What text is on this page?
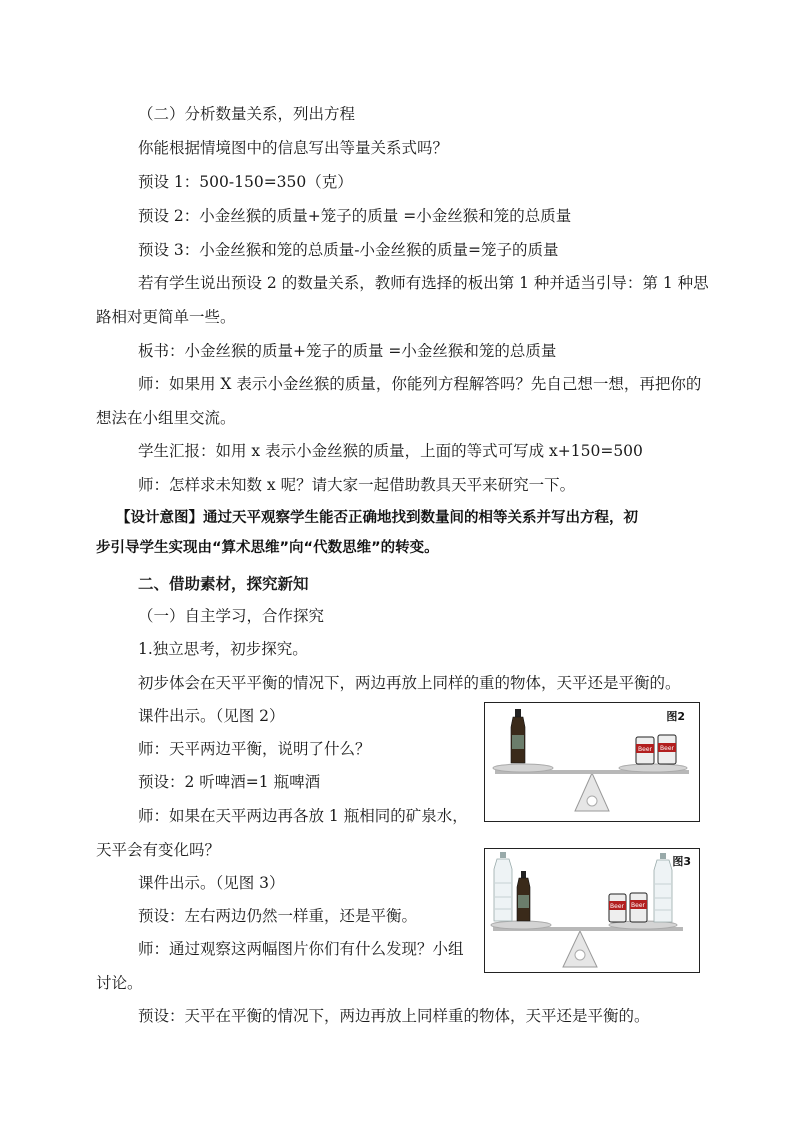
（二）分析数量关系，列出方程
你能根据情境图中的信息写出等量关系式吗？
预设 1：500-150=350（克）
预设 2：小金丝猴的质量+笼子的质量 =小金丝猴和笼的总质量
预设 3：小金丝猴和笼的总质量-小金丝猴的质量=笼子的质量
若有学生说出预设 2 的数量关系，教师有选择的板出第 1 种并适当引导：第 1 种思
路相对更简单一些。
板书：小金丝猴的质量+笼子的质量 =小金丝猴和笼的总质量
师：如果用 X 表示小金丝猴的质量，你能列方程解答吗？先自己想一想，再把你的
想法在小组里交流。
学生汇报：如用 x 表示小金丝猴的质量，上面的等式可写成 x+150=500
师：怎样求未知数 x 呢？请大家一起借助教具天平来研究一下。
【设计意图】通过天平观察学生能否正确地找到数量间的相等关系并写出方程，初
步引导学生实现由“算术思维”向“代数思维”的转变。
二、借助素材，探究新知
（一）自主学习，合作探究
1.独立思考，初步探究。
初步体会在天平平衡的情况下，两边再放上同样的重的物体，天平还是平衡的。
课件出示。（见图 2）
师：天平两边平衡，说明了什么？
预设：2 听啤酒=1 瓶啤酒
师：如果在天平两边再各放 1 瓶相同的矿泉水，
天平会有变化吗？
课件出示。（见图 3）
预设：左右两边仍然一样重，还是平衡。
师：通过观察这两幅图片你们有什么发现？小组
讨论。
预设：天平在平衡的情况下，两边再放上同样重的物体，天平还是平衡的。
图2
Beer Beer
图3
Beer Beer
